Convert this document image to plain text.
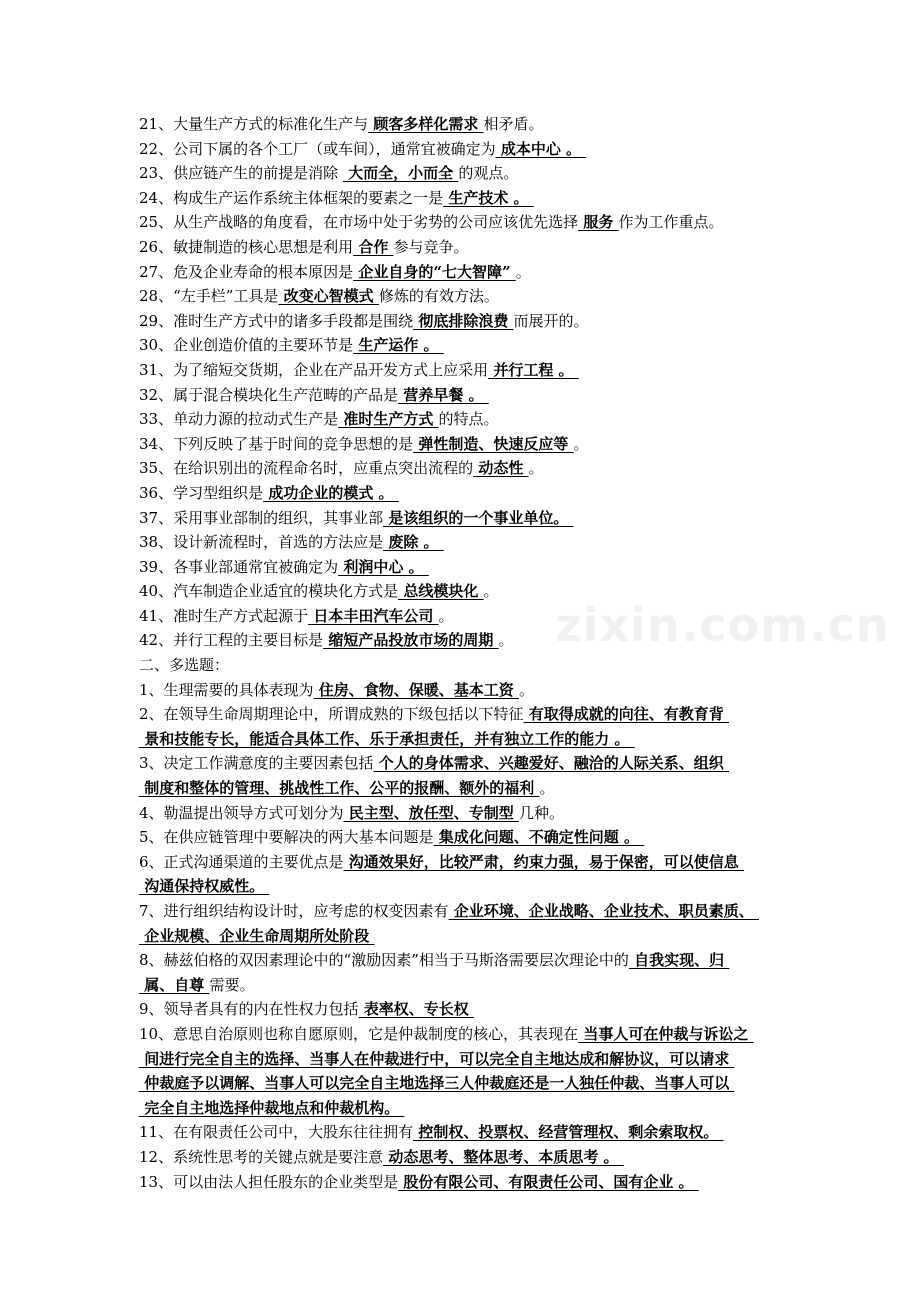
zixin.com.cn
21、大量生产方式的标准化生产与 顾客多样化需求 相矛盾。
22、公司下属的各个工厂（或车间），通常宜被确定为 成本中心 。
23、供应链产生的前提是消除  大而全，小而全 的观点。
24、构成生产运作系统主体框架的要素之一是 生产技术 。
25、从生产战略的角度看，在市场中处于劣势的公司应该优先选择 服务 作为工作重点。
26、敏捷制造的核心思想是利用 合作 参与竞争。
27、危及企业寿命的根本原因是 企业自身的“七大智障” 。
28、“左手栏”工具是 改变心智模式 修炼的有效方法。
29、准时生产方式中的诸多手段都是围绕 彻底排除浪费 而展开的。
30、企业创造价值的主要环节是 生产运作 。
31、为了缩短交货期，企业在产品开发方式上应采用 并行工程 。
32、属于混合模块化生产范畴的产品是 营养早餐 。
33、单动力源的拉动式生产是 准时生产方式 的特点。
34、下列反映了基于时间的竞争思想的是 弹性制造、快速反应等 。
35、在给识别出的流程命名时，应重点突出流程的 动态性 。
36、学习型组织是 成功企业的模式 。
37、采用事业部制的组织，其事业部 是该组织的一个事业单位。
38、设计新流程时，首选的方法应是 废除 。
39、各事业部通常宜被确定为 利润中心 。
40、汽车制造企业适宜的模块化方式是 总线模块化 。
41、准时生产方式起源于 日本丰田汽车公司 。
42、并行工程的主要目标是 缩短产品投放市场的周期 。
二、多选题：
1、生理需要的具体表现为 住房、食物、保暖、基本工资 。
2、在领导生命周期理论中，所谓成熟的下级包括以下特征 有取得成就的向往、有教育背
景和技能专长，能适合具体工作、乐于承担责任，并有独立工作的能力 。
3、决定工作满意度的主要因素包括 个人的身体需求、兴趣爱好、融洽的人际关系、组织
制度和整体的管理、挑战性工作、公平的报酬、额外的福利 。
4、勒温提出领导方式可划分为 民主型、放任型、专制型 几种。
5、在供应链管理中要解决的两大基本问题是 集成化问题、不确定性问题 。
6、正式沟通渠道的主要优点是 沟通效果好，比较严肃，约束力强，易于保密，可以使信息
沟通保持权威性。
7、进行组织结构设计时，应考虑的权变因素有 企业环境、企业战略、企业技术、职员素质、
企业规模、企业生命周期所处阶段
8、赫兹伯格的双因素理论中的“激励因素”相当于马斯洛需要层次理论中的 自我实现、归
属、自尊 需要。
9、领导者具有的内在性权力包括 表率权、专长权
10、意思自治原则也称自愿原则，它是仲裁制度的核心，其表现在 当事人可在仲裁与诉讼之
间进行完全自主的选择、当事人在仲裁进行中，可以完全自主地达成和解协议，可以请求
仲裁庭予以调解、当事人可以完全自主地选择三人仲裁庭还是一人独任仲裁、当事人可以
完全自主地选择仲裁地点和仲裁机构。
11、在有限责任公司中，大股东往往拥有 控制权、投票权、经营管理权、剩余索取权。
12、系统性思考的关键点就是要注意 动态思考、整体思考、本质思考 。
13、可以由法人担任股东的企业类型是 股份有限公司、有限责任公司、国有企业 。
